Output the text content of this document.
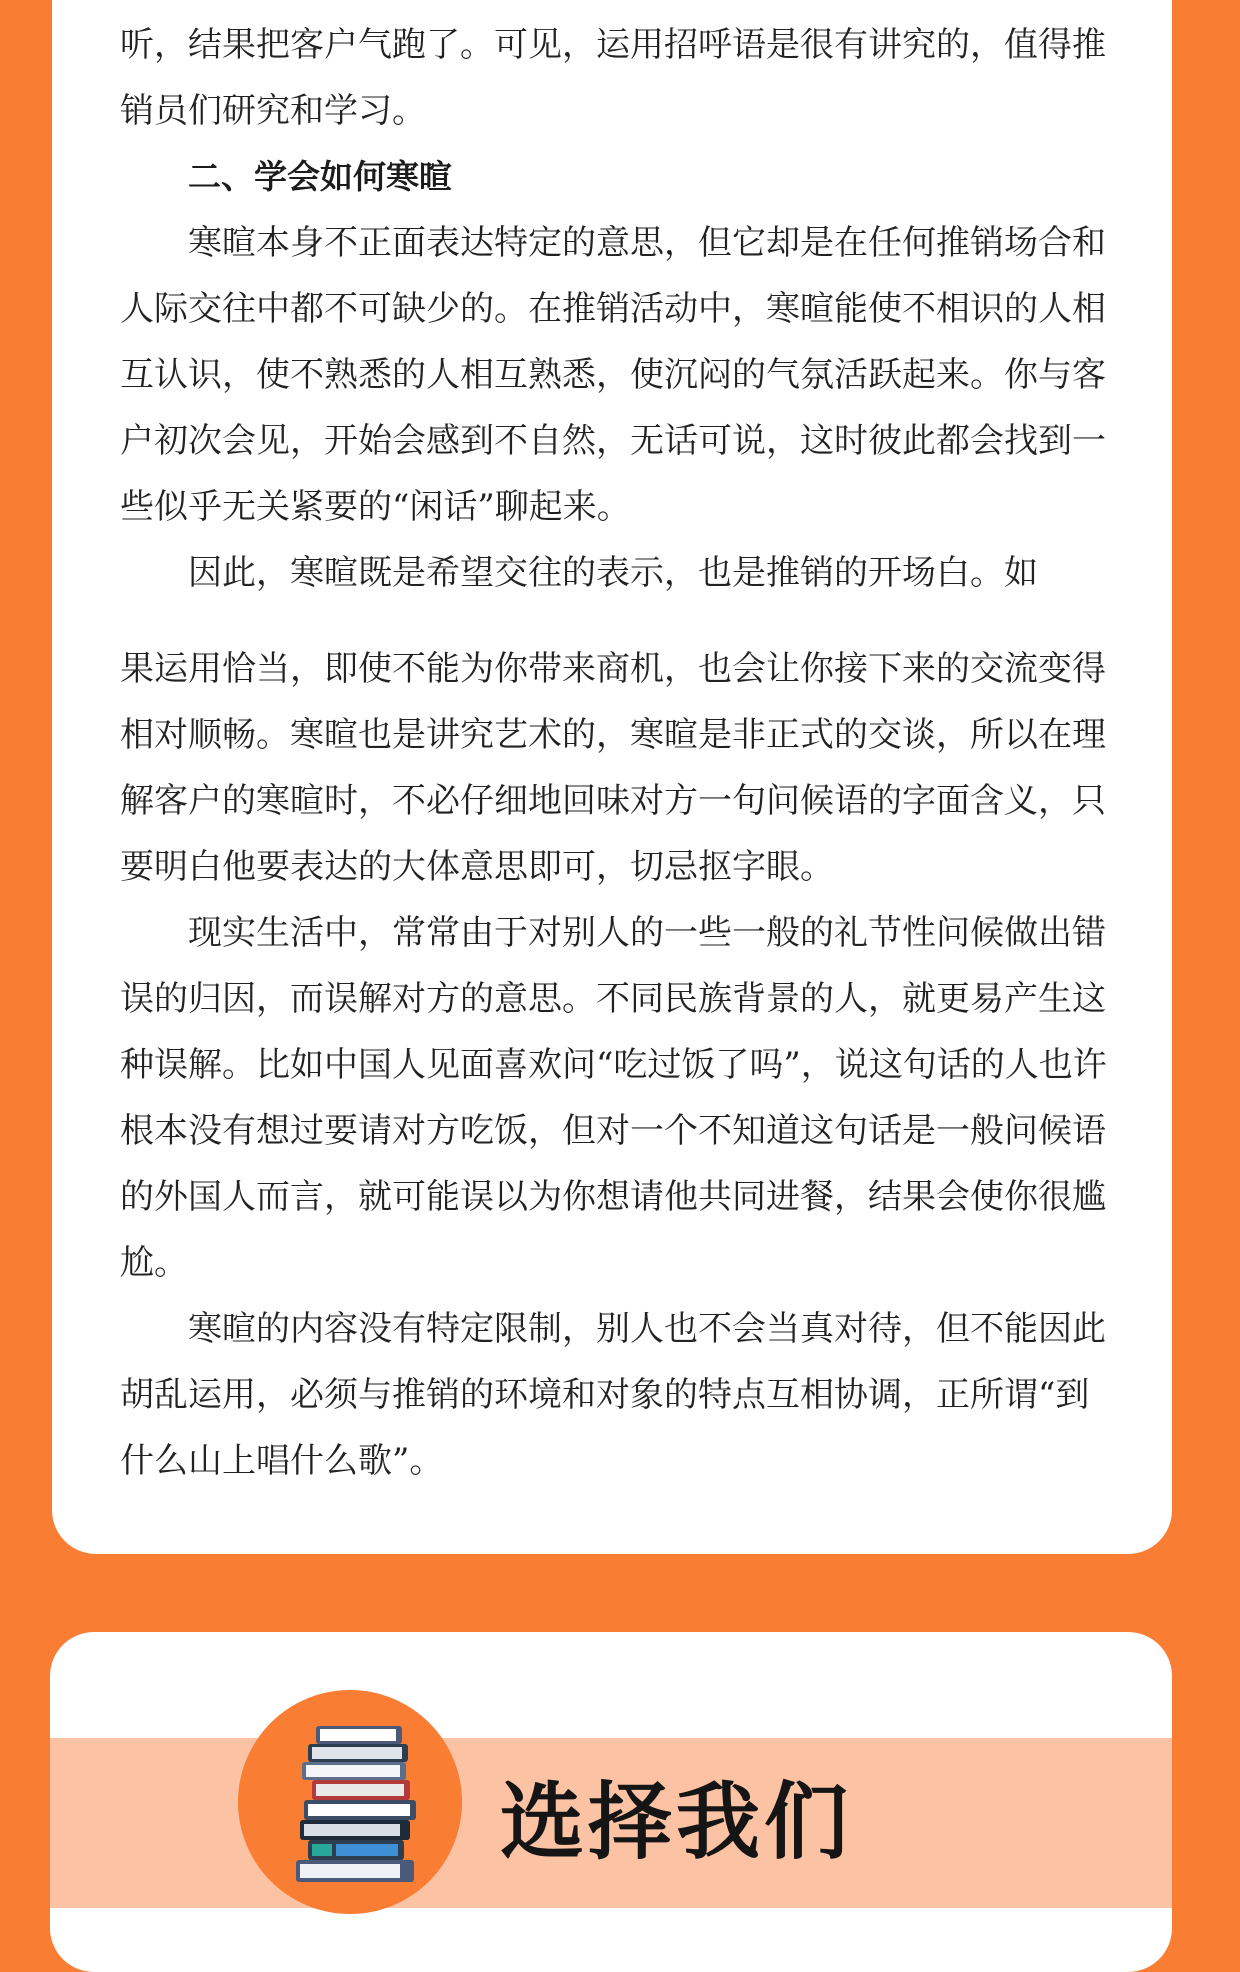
听，结果把客户气跑了。可见，运用招呼语是很有讲究的，值得推销员们研究和学习。

二、学会如何寒暄

寒暄本身不正面表达特定的意思，但它却是在任何推销场合和人际交往中都不可缺少的。在推销活动中，寒暄能使不相识的人相互认识，使不熟悉的人相互熟悉，使沉闷的气氛活跃起来。你与客户初次会见，开始会感到不自然，无话可说，这时彼此都会找到一些似乎无关紧要的“闲话”聊起来。

因此，寒暄既是希望交往的表示，也是推销的开场白。如

果运用恰当，即使不能为你带来商机，也会让你接下来的交流变得相对顺畅。寒暄也是讲究艺术的，寒暄是非正式的交谈，所以在理解客户的寒暄时，不必仔细地回味对方一句问候语的字面含义，只要明白他要表达的大体意思即可，切忌抠字眼。

现实生活中，常常由于对别人的一些一般的礼节性问候做出错误的归因，而误解对方的意思。不同民族背景的人，就更易产生这种误解。比如中国人见面喜欢问“吃过饭了吗”，说这句话的人也许根本没有想过要请对方吃饭，但对一个不知道这句话是一般问候语的外国人而言，就可能误以为你想请他共同进餐，结果会使你很尴尬。

寒暄的内容没有特定限制，别人也不会当真对待，但不能因此胡乱运用，必须与推销的环境和对象的特点互相协调，正所谓“到什么山上唱什么歌”。

选择我们
